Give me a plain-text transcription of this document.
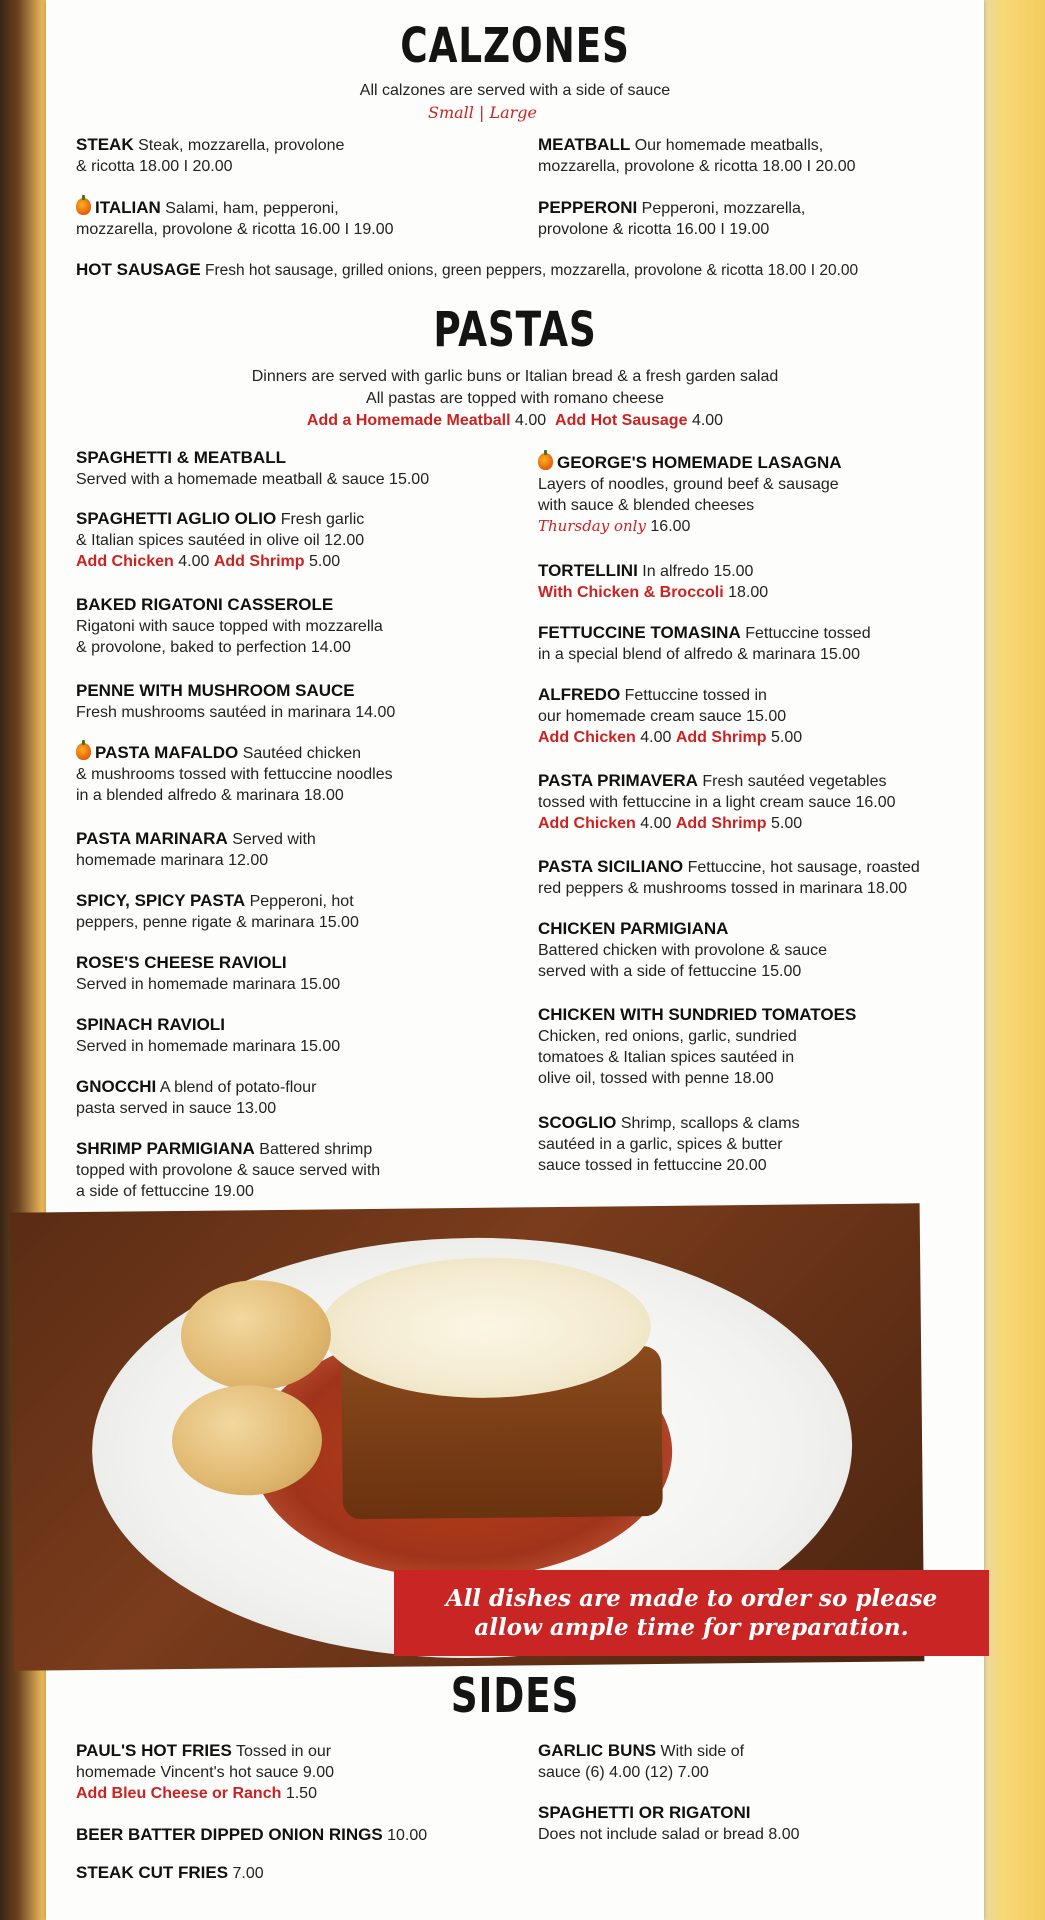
CALZONES
All calzones are served with a side of sauce
Small | Large
STEAK Steak, mozzarella, provolone
& ricotta 18.00 I 20.00
MEATBALL Our homemade meatballs,
mozzarella, provolone & ricotta 18.00 I 20.00
ITALIAN Salami, ham, pepperoni,
mozzarella, provolone & ricotta 16.00 I 19.00
PEPPERONI Pepperoni, mozzarella,
provolone & ricotta 16.00 I 19.00
HOT SAUSAGE Fresh hot sausage, grilled onions, green peppers, mozzarella, provolone & ricotta 18.00 I 20.00
PASTAS
Dinners are served with garlic buns or Italian bread & a fresh garden salad
All pastas are topped with romano cheese
Add a Homemade Meatball 4.00 Add Hot Sausage 4.00
SPAGHETTI & MEATBALL
Served with a homemade meatball & sauce 15.00
SPAGHETTI AGLIO OLIO Fresh garlic
& Italian spices sautéed in olive oil 12.00
Add Chicken 4.00 Add Shrimp 5.00
BAKED RIGATONI CASSEROLE
Rigatoni with sauce topped with mozzarella
& provolone, baked to perfection 14.00
PENNE WITH MUSHROOM SAUCE
Fresh mushrooms sautéed in marinara 14.00
PASTA MAFALDO Sautéed chicken
& mushrooms tossed with fettuccine noodles
in a blended alfredo & marinara 18.00
PASTA MARINARA Served with
homemade marinara 12.00
SPICY, SPICY PASTA Pepperoni, hot
peppers, penne rigate & marinara 15.00
ROSE'S CHEESE RAVIOLI
Served in homemade marinara 15.00
SPINACH RAVIOLI
Served in homemade marinara 15.00
GNOCCHI A blend of potato-flour
pasta served in sauce 13.00
SHRIMP PARMIGIANA Battered shrimp
topped with provolone & sauce served with
a side of fettuccine 19.00
GEORGE'S HOMEMADE LASAGNA
Layers of noodles, ground beef & sausage
with sauce & blended cheeses
Thursday only 16.00
TORTELLINI In alfredo 15.00
With Chicken & Broccoli 18.00
FETTUCCINE TOMASINA Fettuccine tossed
in a special blend of alfredo & marinara 15.00
ALFREDO Fettuccine tossed in
our homemade cream sauce 15.00
Add Chicken 4.00 Add Shrimp 5.00
PASTA PRIMAVERA Fresh sautéed vegetables
tossed with fettuccine in a light cream sauce 16.00
Add Chicken 4.00 Add Shrimp 5.00
PASTA SICILIANO Fettuccine, hot sausage, roasted
red peppers & mushrooms tossed in marinara 18.00
CHICKEN PARMIGIANA
Battered chicken with provolone & sauce
served with a side of fettuccine 15.00
CHICKEN WITH SUNDRIED TOMATOES
Chicken, red onions, garlic, sundried
tomatoes & Italian spices sautéed in
olive oil, tossed with penne 18.00
SCOGLIO Shrimp, scallops & clams
sautéed in a garlic, spices & butter
sauce tossed in fettuccine 20.00
SIDES
PAUL'S HOT FRIES Tossed in our
homemade Vincent's hot sauce 9.00
Add Bleu Cheese or Ranch 1.50
BEER BATTER DIPPED ONION RINGS 10.00
STEAK CUT FRIES 7.00
GARLIC BUNS With side of
sauce (6) 4.00 (12) 7.00
SPAGHETTI OR RIGATONI
Does not include salad or bread 8.00
All dishes are made to order so please
allow ample time for preparation.
